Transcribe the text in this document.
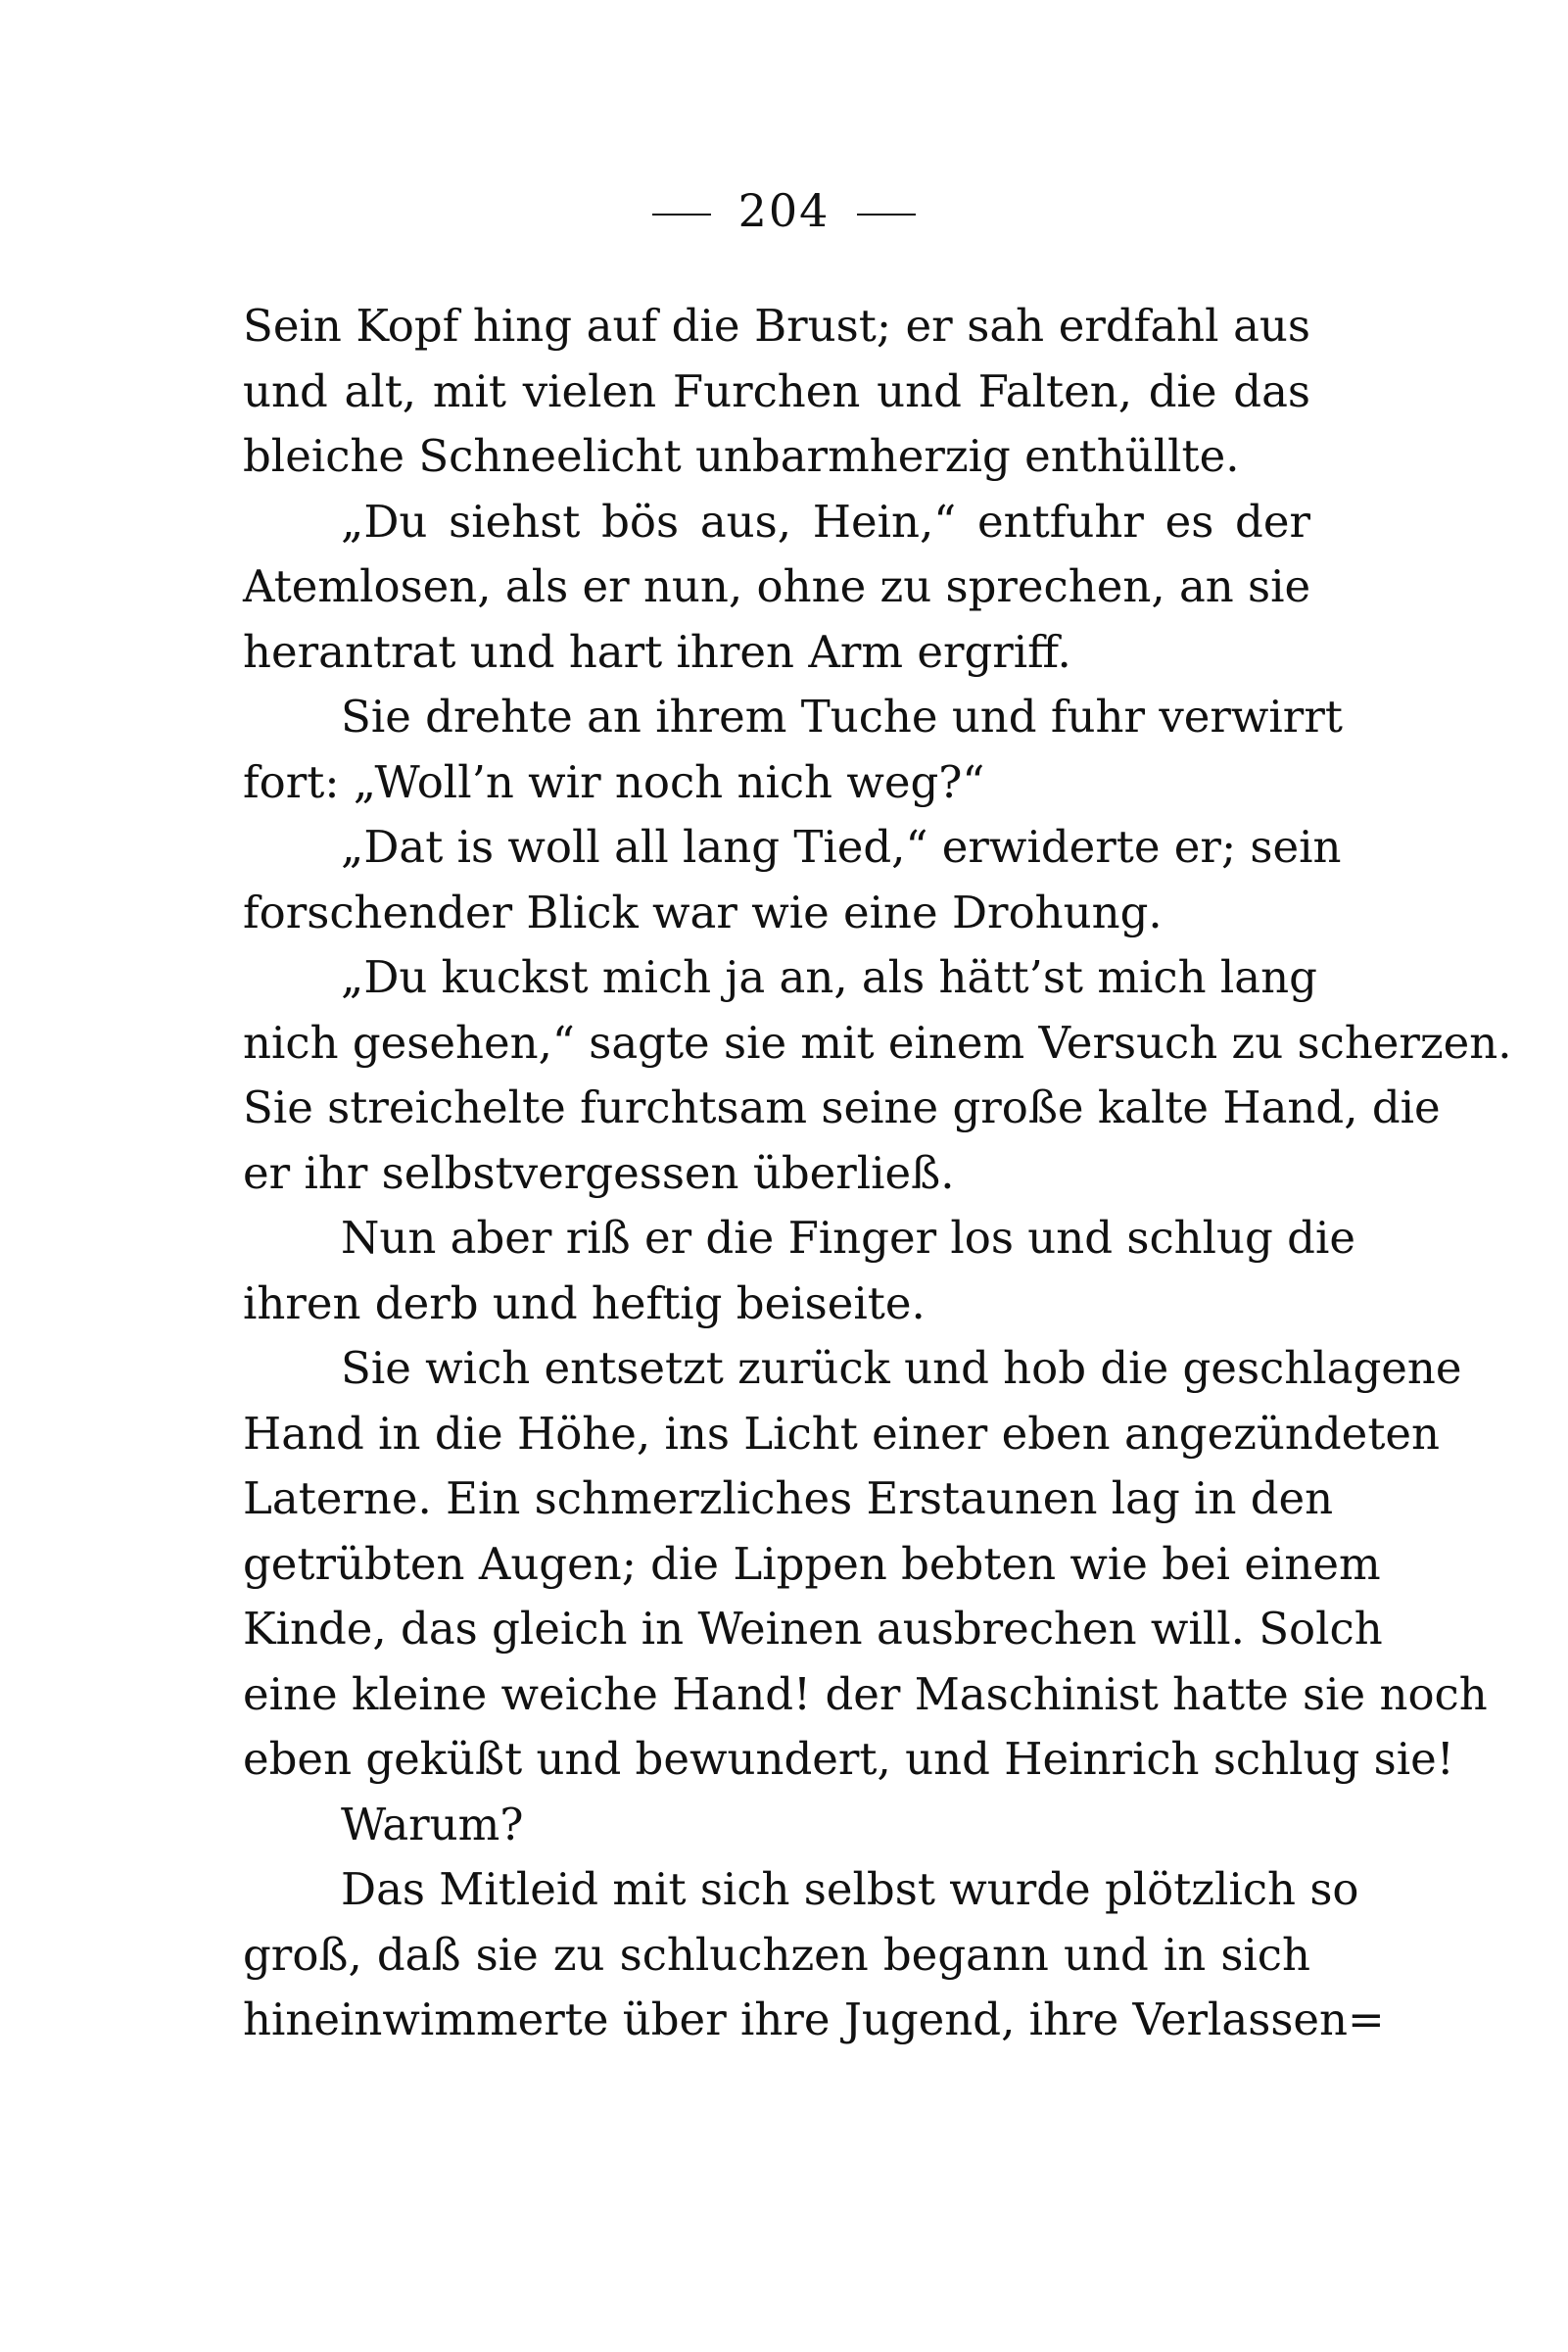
204
Sein Kopf hing auf die Brust; er sah erdfahl aus
und alt, mit vielen Furchen und Falten, die das
bleiche Schneelicht unbarmherzig enthüllte.
„Du siehst bös aus, Hein,“ entfuhr es der
Atemlosen, als er nun, ohne zu sprechen, an sie
herantrat und hart ihren Arm ergriff.
Sie drehte an ihrem Tuche und fuhr verwirrt
fort: „Woll’n wir noch nich weg?“
„Dat is woll all lang Tied,“ erwiderte er; sein
forschender Blick war wie eine Drohung.
„Du kuckst mich ja an, als hätt’st mich lang
nich gesehen,“ sagte sie mit einem Versuch zu scherzen.
Sie streichelte furchtsam seine große kalte Hand, die
er ihr selbstvergessen überließ.
Nun aber riß er die Finger los und schlug die
ihren derb und heftig beiseite.
Sie wich entsetzt zurück und hob die geschlagene
Hand in die Höhe, ins Licht einer eben angezündeten
Laterne. Ein schmerzliches Erstaunen lag in den
getrübten Augen; die Lippen bebten wie bei einem
Kinde, das gleich in Weinen ausbrechen will. Solch
eine kleine weiche Hand! der Maschinist hatte sie noch
eben geküßt und bewundert, und Heinrich schlug sie!
Warum?
Das Mitleid mit sich selbst wurde plötzlich so
groß, daß sie zu schluchzen begann und in sich
hineinwimmerte über ihre Jugend, ihre Verlassen=
